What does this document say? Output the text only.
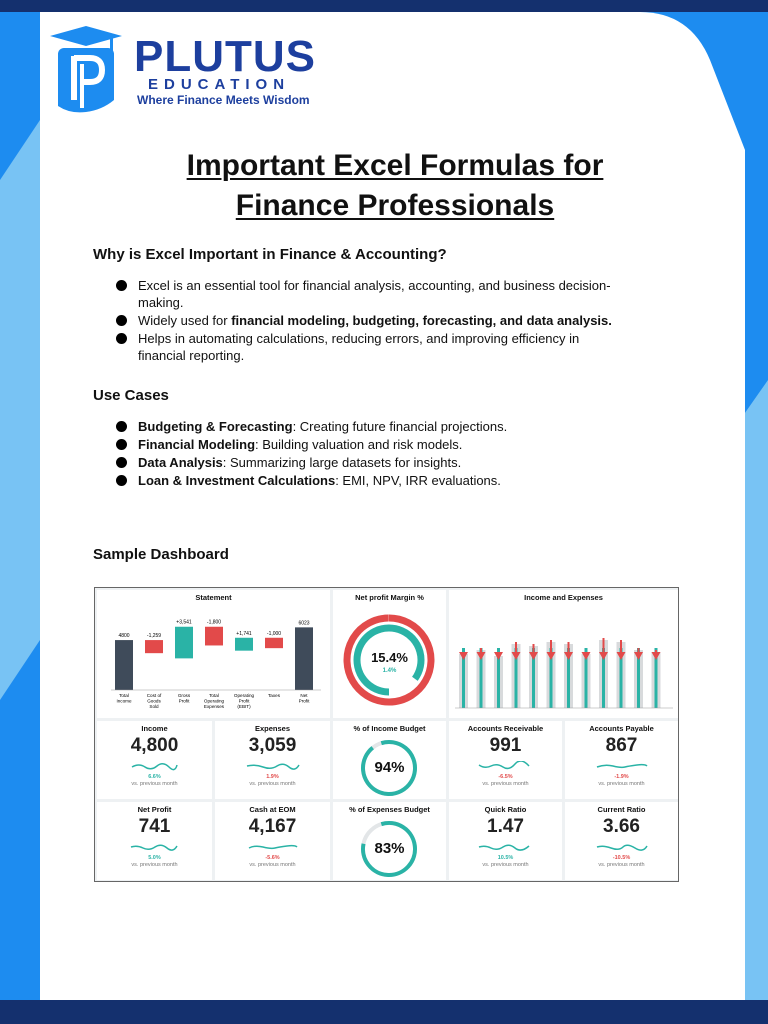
PLUTUS
EDUCATION
Where Finance Meets Wisdom
Important Excel Formulas for
Finance Professionals
Why is Excel Important in Finance & Accounting?
Excel is an essential tool for financial analysis, accounting, and business decision-making.
Widely used for financial modeling, budgeting, forecasting, and data analysis.
Helps in automating calculations, reducing errors, and improving efficiency in financial reporting.
Use Cases
Budgeting & Forecasting: Creating future financial projections.
Financial Modeling: Building valuation and risk models.
Data Analysis: Summarizing large datasets for insights.
Loan & Investment Calculations: EMI, NPV, IRR evaluations.
Sample Dashboard
Statement
4800	-1,259
+3,541	-1,800
+1,741	-1,000
6023
Total Income
Cost of Goods Sold
Gross Profit
Total Operating Expenses
Operating Profit (EBIT)
Taxes	Net Profit
Net profit Margin %
15.4%
1.4%
Income and Expenses
Income
4,800
6.6%
vs. previous month
Expenses
3,059
1.9%
vs. previous month
% of Income Budget
94%
Accounts Receivable
991
-6.5%
vs. previous month
Accounts Payable
867
-1.9%
vs. previous month
Net Profit
741
5.0%
vs. previous month
Cash at EOM
4,167
-5.6%
vs. previous month
% of Expenses Budget
83%
Quick Ratio
1.47
10.5%
vs. previous month
Current Ratio
3.66
-10.5%
vs. previous month
